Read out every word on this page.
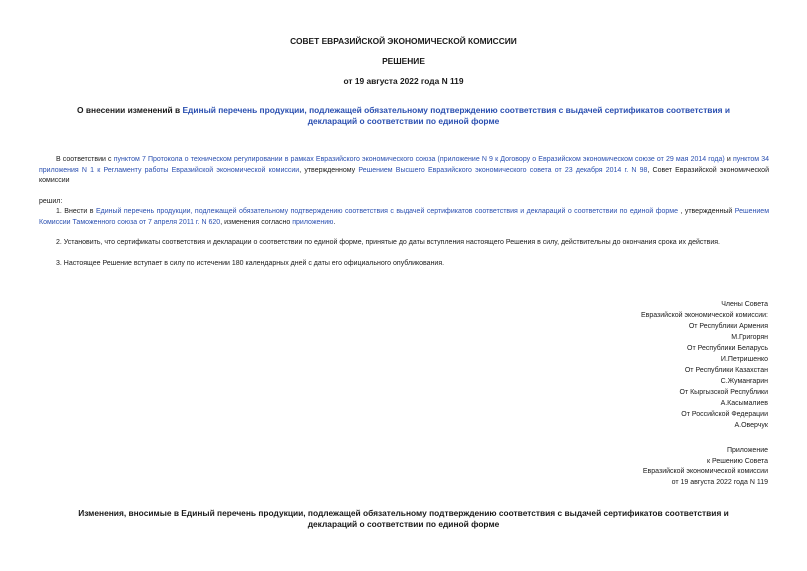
СОВЕТ ЕВРАЗИЙСКОЙ ЭКОНОМИЧЕСКОЙ КОМИССИИ
РЕШЕНИЕ
от 19 августа 2022 года N 119
О внесении изменений в Единый перечень продукции, подлежащей обязательному подтверждению соответствия с выдачей сертификатов соответствия и
деклараций о соответствии по единой форме
В соответствии с пунктом 7 Протокола о техническом регулировании в рамках Евразийского экономического союза (приложение N 9 к Договору о Евразийском экономическом союзе от 29 мая 2014 года) и пунктом 34 приложения N 1 к Регламенту работы Евразийской экономической комиссии, утвержденному Решением Высшего Евразийского экономического совета от 23 декабря 2014 г. N 98, Совет Евразийской экономической комиссии
решил:
1. Внести в Единый перечень продукции, подлежащей обязательному подтверждению соответствия с выдачей сертификатов соответствия и деклараций о соответствии по единой форме , утвержденный Решением Комиссии Таможенного союза от 7 апреля 2011 г. N 620, изменения согласно приложению.
2. Установить, что сертификаты соответствия и декларации о соответствии по единой форме, принятые до даты вступления настоящего Решения в силу, действительны до окончания срока их действия.
3. Настоящее Решение вступает в силу по истечении 180 календарных дней с даты его официального опубликования.
Члены Совета
Евразийской экономической комиссии:
От Республики Армения
М.Григорян
От Республики Беларусь
И.Петришенко
От Республики Казахстан
С.Жумангарин
От Кыргызской Республики
А.Касымалиев
От Российской Федерации
А.Оверчук
Приложение
к Решению Совета
Евразийской экономической комиссии
от 19 августа 2022 года N 119
Изменения, вносимые в Единый перечень продукции, подлежащей обязательному подтверждению соответствия с выдачей сертификатов соответствия и
деклараций о соответствии по единой форме
